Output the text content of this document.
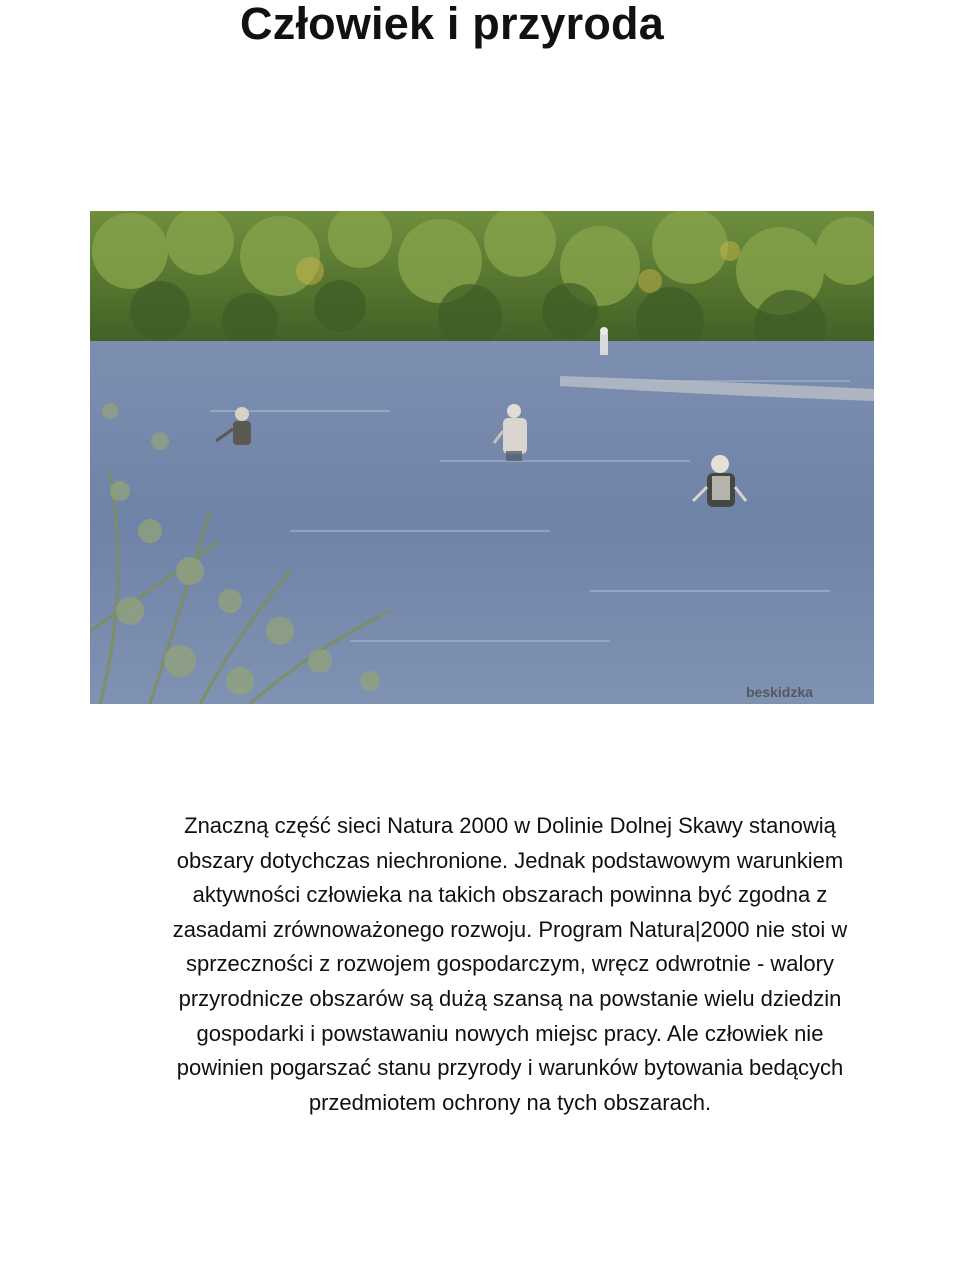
Człowiek i przyroda
beskidzka

Znaczną część sieci Natura 2000 w Dolinie Dolnej Skawy stanowią
obszary dotychczas niechronione. Jednak podstawowym warunkiem
aktywności człowieka na takich obszarach powinna być zgodna z
zasadami zrównoważonego rozwoju. Program Natura|2000 nie stoi w
sprzeczności z rozwojem gospodarczym, wręcz odwrotnie - walory
przyrodnicze obszarów są dużą szansą na powstanie wielu dziedzin
gospodarki i powstawaniu nowych miejsc pracy. Ale człowiek nie
powinien pogarszać stanu przyrody i warunków bytowania bedących
przedmiotem ochrony na tych obszarach.
